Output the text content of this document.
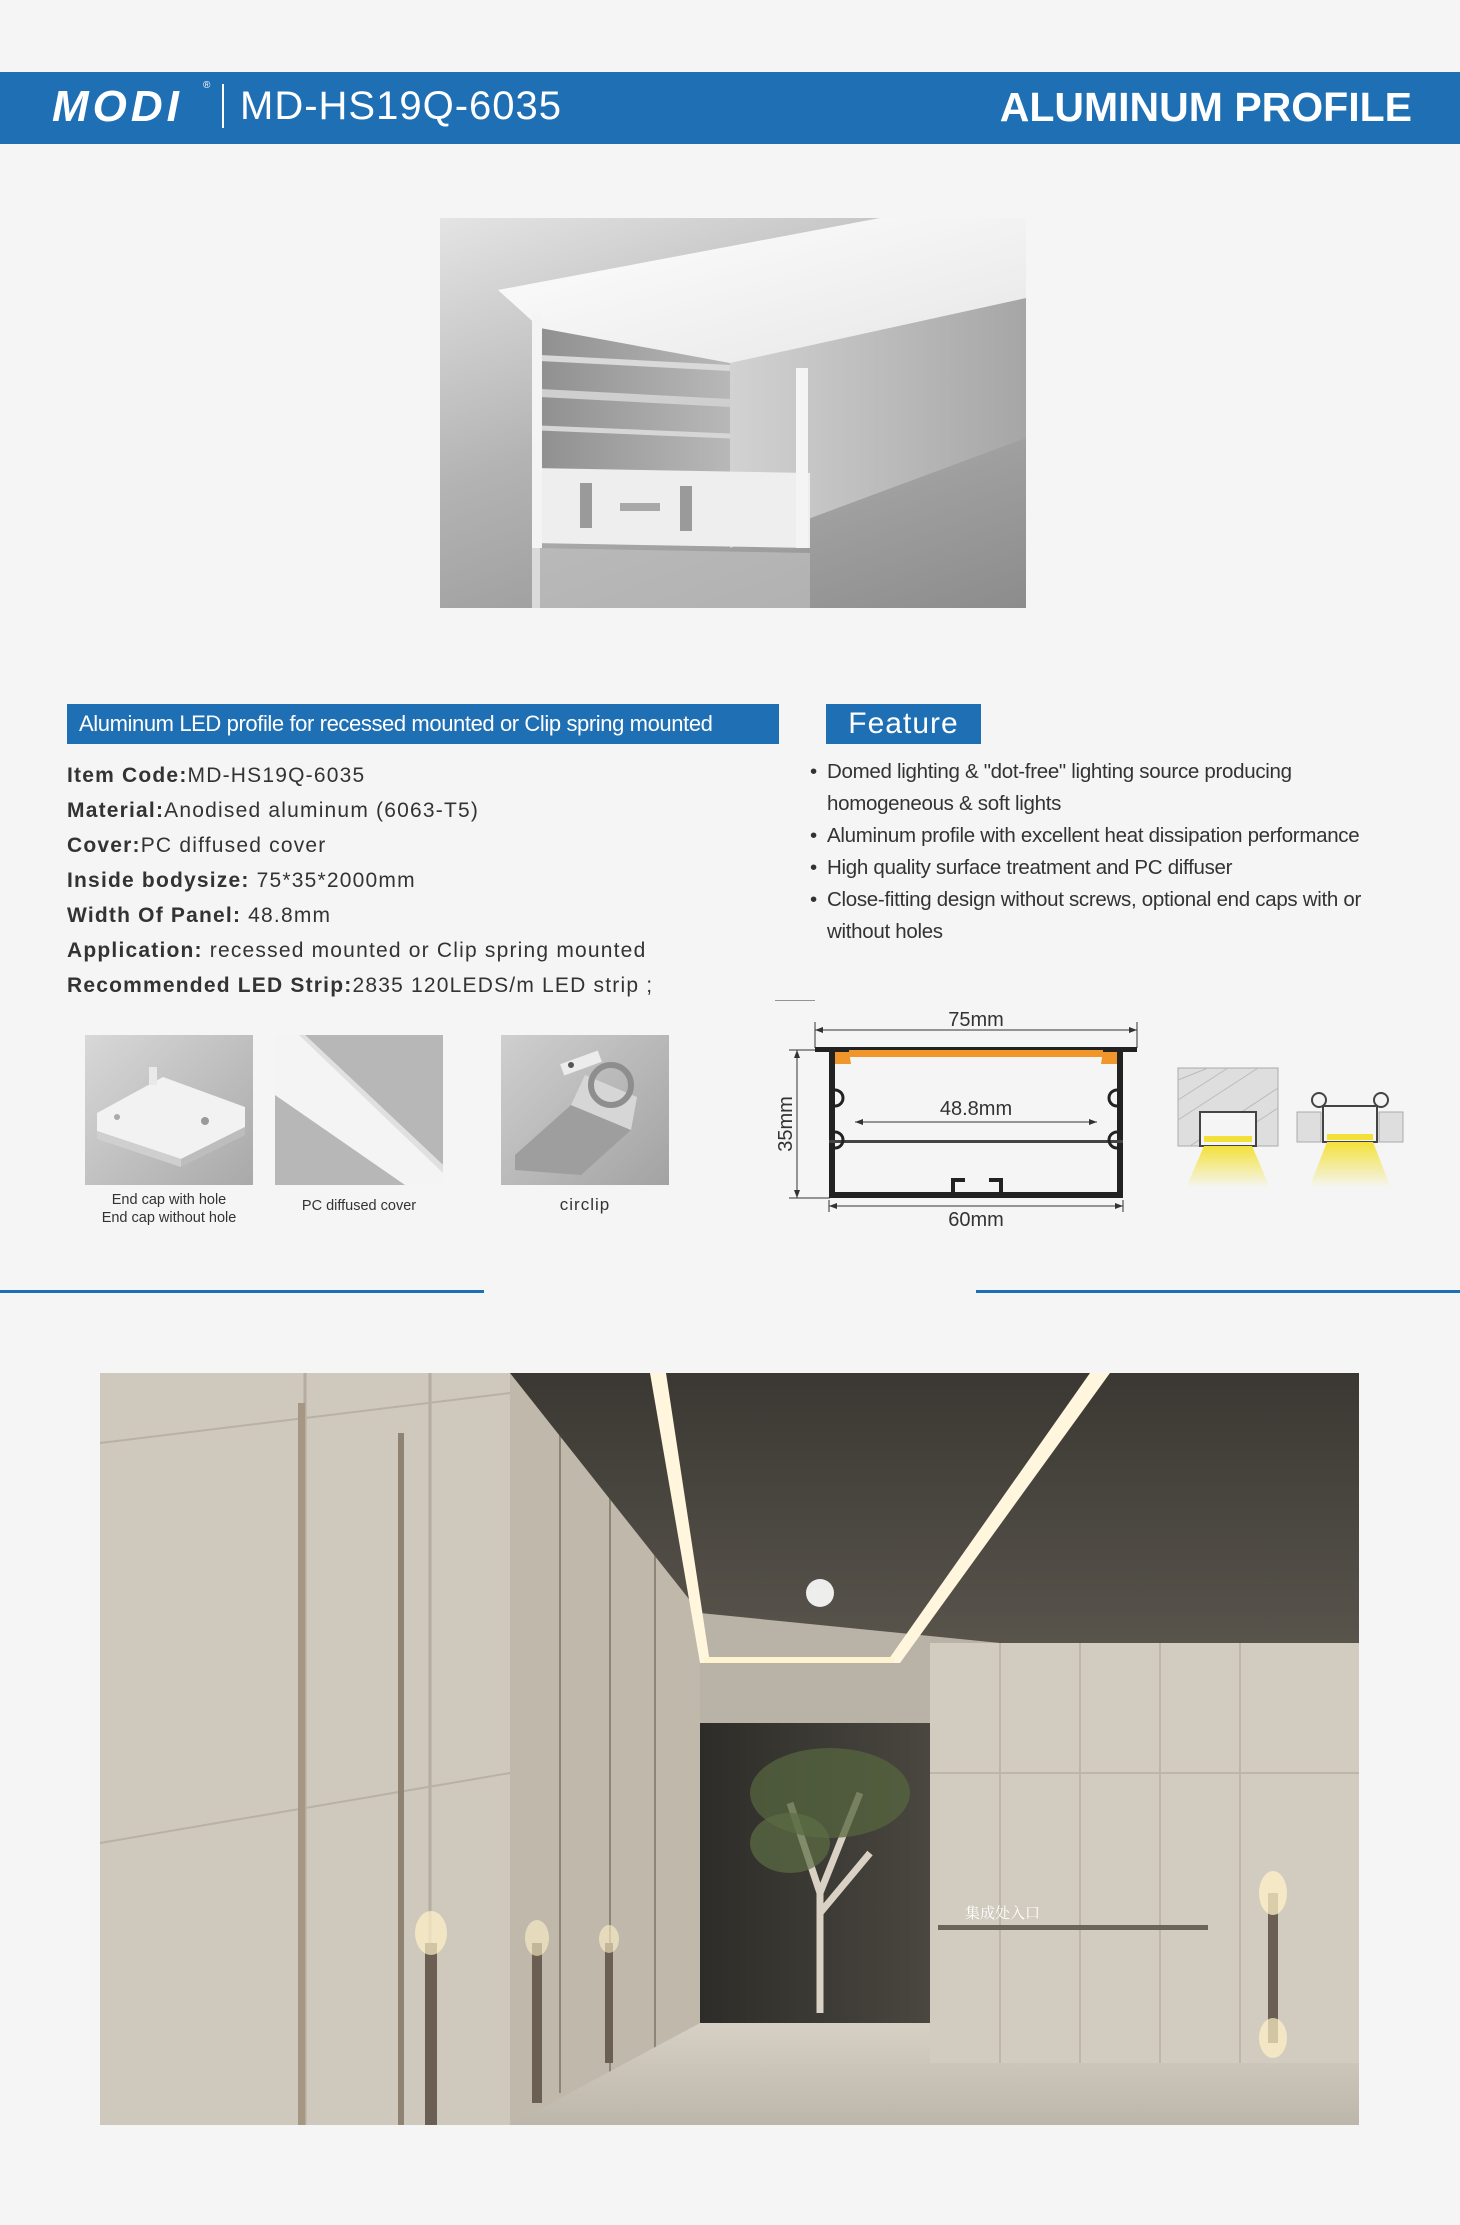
MODI ® MD-HS19Q-6035	ALUMINUM PROFILE
Aluminum LED profile for recessed mounted or Clip spring mounted	Feature
Item Code:MD-HS19Q-6035
Material:Anodised aluminum (6063-T5)
Cover:PC diffused cover
Inside bodysize: 75*35*2000mm
Width Of Panel: 48.8mm
Application: recessed mounted or Clip spring mounted
Recommended LED Strip:2835 120LEDS/m LED strip ;
• Domed lighting & "dot-free" lighting source producing homogeneous & soft lights
• Aluminum profile with excellent heat dissipation performance
• High quality surface treatment and PC diffuser
• Close-fitting design without screws, optional end caps with or without holes
End cap with hole
End cap without hole
PC diffused cover	circlip
75mm
35mm	48.8mm
60mm
集成处入口
